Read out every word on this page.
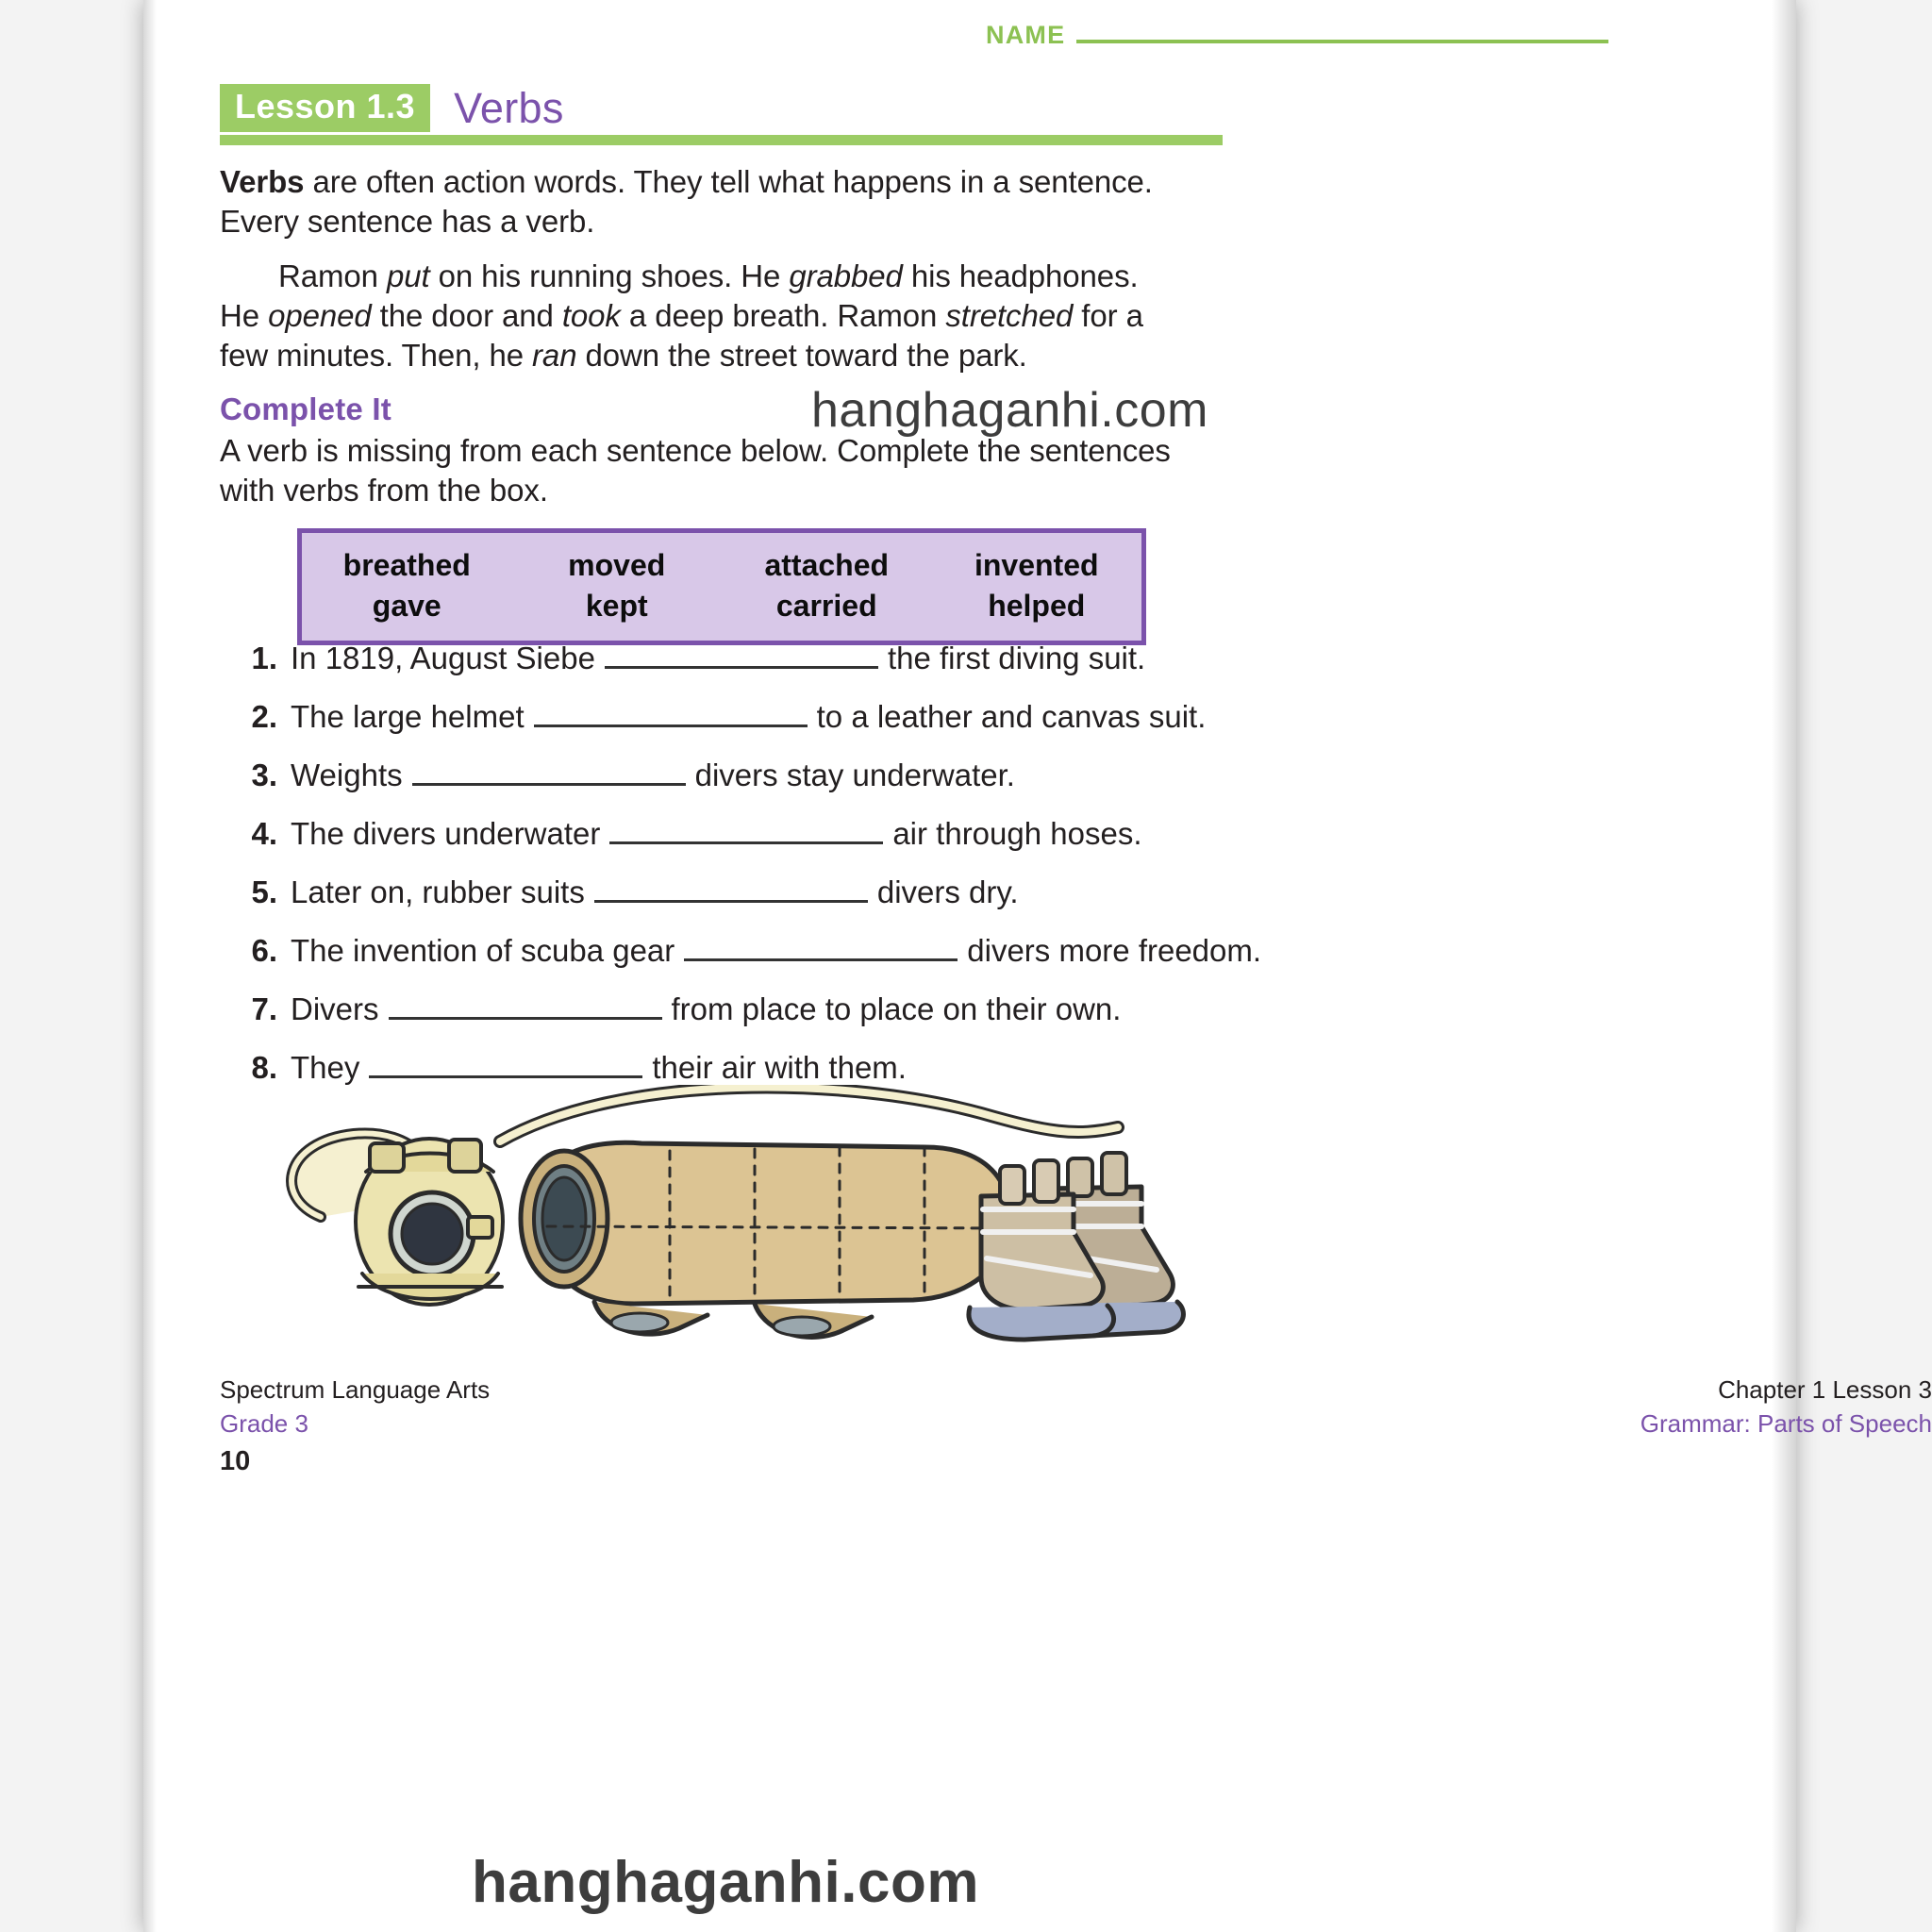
NAME
Lesson 1.3 Verbs
Verbs are often action words. They tell what happens in a sentence. Every sentence has a verb.
Ramon put on his running shoes. He grabbed his headphones. He opened the door and took a deep breath. Ramon stretched for a few minutes. Then, he ran down the street toward the park.
Complete It
A verb is missing from each sentence below. Complete the sentences with verbs from the box.
hanghaganhi.com
breathed	moved	attached	invented
gave	kept	carried	helped
1. In 1819, August Siebe	the first diving suit.
2. The large helmet	to a leather and canvas suit.
3. Weights	divers stay underwater.
4. The divers underwater	air through hoses.
5. Later on, rubber suits	divers dry.
6. The invention of scuba gear	divers more freedom.
7. Divers	from place to place on their own.
8. They	their air with them.
Spectrum Language Arts
Grade 3
Chapter 1 Lesson 3
Grammar: Parts of Speech
10
hanghaganhi.com
